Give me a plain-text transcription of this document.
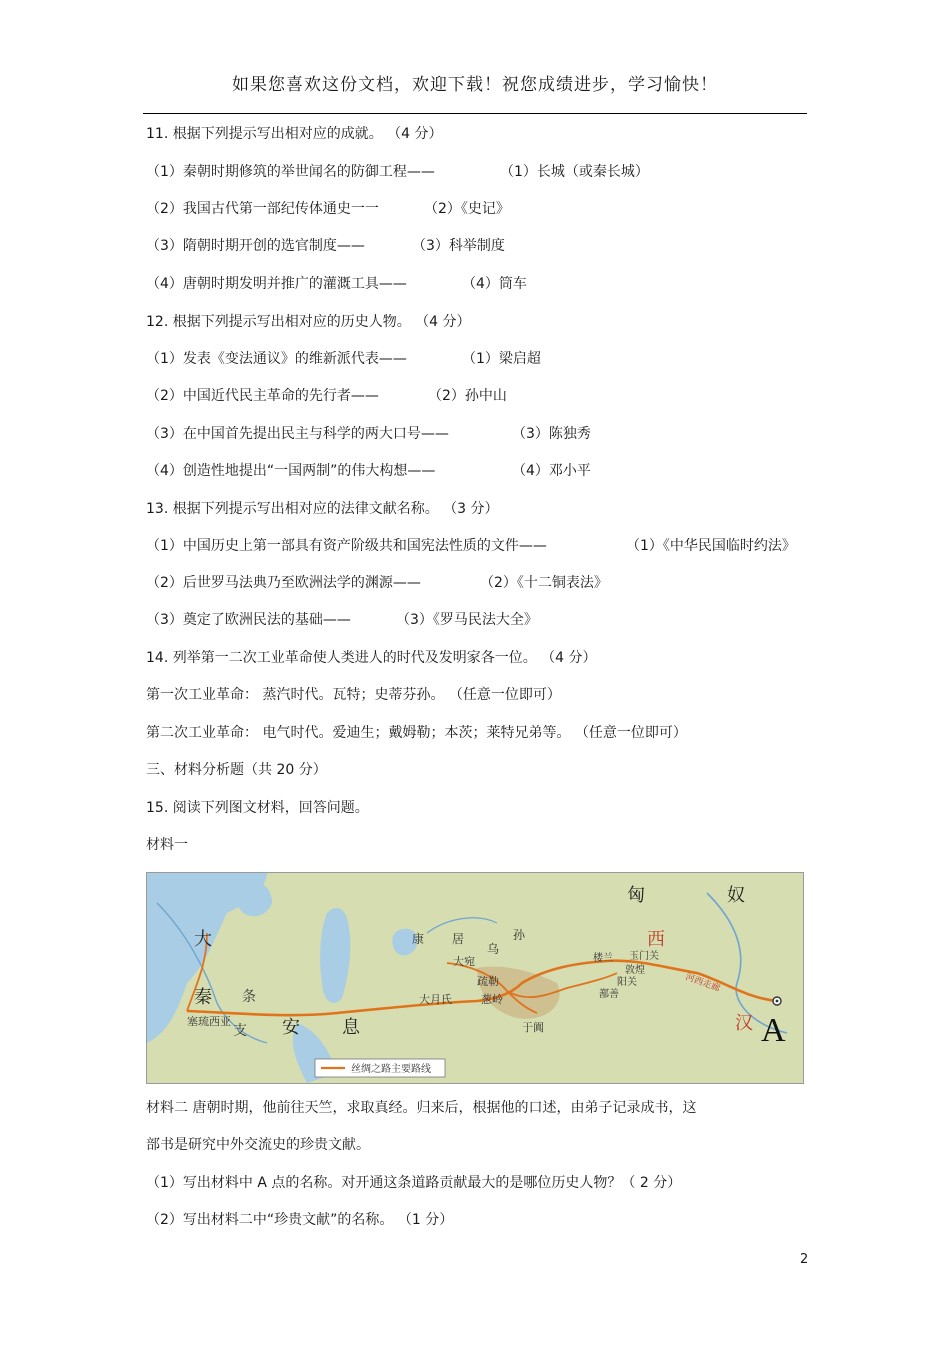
如果您喜欢这份文档，欢迎下载！祝您成绩进步，学习愉快！
11. 根据下列提示写出相对应的成就。 （4 分）
（1）秦朝时期修筑的举世闻名的防御工程——	（1）长城（或秦长城）
（2）我国古代第一部纪传体通史一一	（2）《史记》
（3）隋朝时期开创的选官制度——	（3）科举制度
（4）唐朝时期发明并推广的灌溉工具——	（4）筒车
12. 根据下列提示写出相对应的历史人物。 （4 分）
（1）发表《变法通议》的维新派代表——	（1）梁启超
（2）中国近代民主革命的先行者——	（2）孙中山
（3）在中国首先提出民主与科学的两大口号——	（3）陈独秀
（4）创造性地提出“一国两制”的伟大构想——	（4）邓小平
13. 根据下列提示写出相对应的法律文献名称。 （3 分）
（1）中国历史上第一部具有资产阶级共和国宪法性质的文件——	（1）《中华民国临时约法》
（2）后世罗马法典乃至欧洲法学的渊源——	（2）《十二铜表法》
（3）奠定了欧洲民法的基础——	（3）《罗马民法大全》
14. 列举第一二次工业革命使人类进人的时代及发明家各一位。 （4 分）
第一次工业革命： 蒸汽时代。瓦特；史蒂芬孙。 （任意一位即可）
第二次工业革命： 电气时代。爱迪生；戴姆勒；本茨；莱特兄弟等。 （任意一位即可）
三、材料分析题（共 20 分）
15. 阅读下列图文材料，回答问题。
材料一
大
秦 条
支 安 息
匈	奴
西
汉
康 居
乌
孙
大宛
疏勒
葱岭
大月氏
于阗
楼兰 玉门关
敦煌
阳关
鄯善
河西走廊
塞琉西亚	A
丝绸之路主要路线
材料二 唐朝时期，他前往天竺，求取真经。归来后，根据他的口述，由弟子记录成书，这
部书是研究中外交流史的珍贵文献。
（1）写出材料中 A 点的名称。对开通这条道路贡献最大的是哪位历史人物？（ 2 分）
（2）写出材料二中“珍贵文献”的名称。 （1 分）
2
